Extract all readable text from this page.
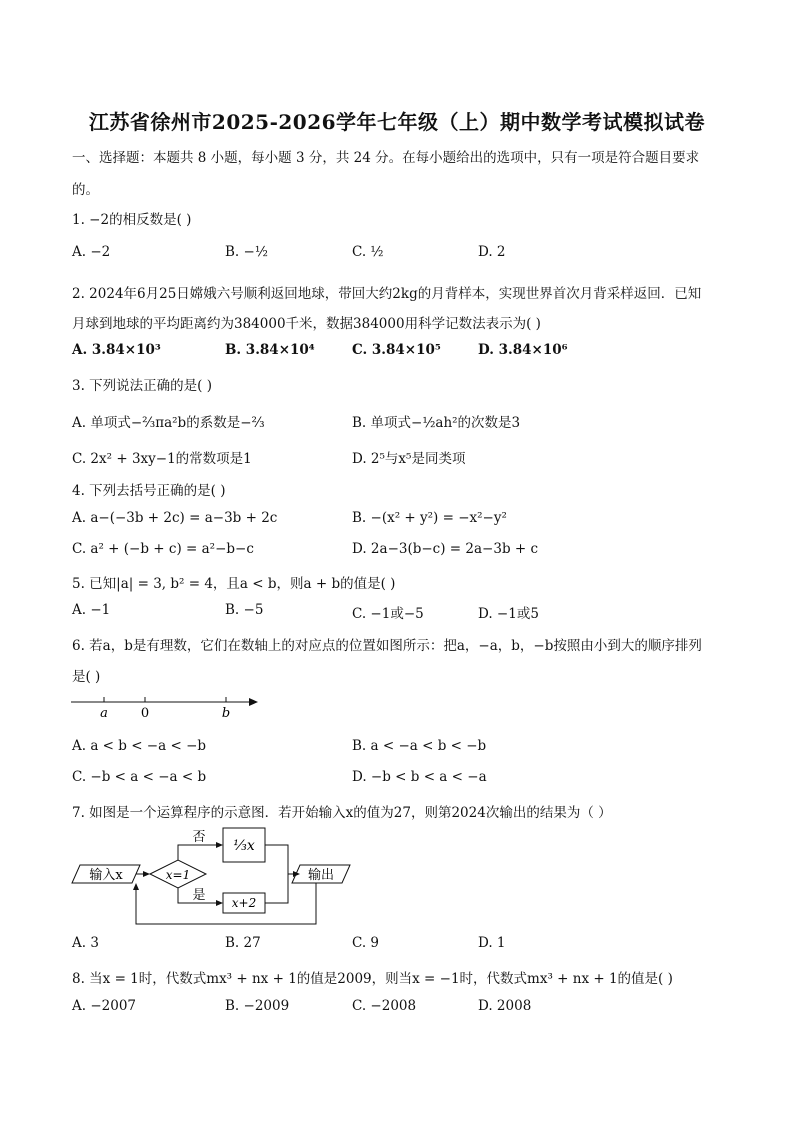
江苏省徐州市2025-2026学年七年级（上）期中数学考试模拟试卷
一、选择题：本题共 8 小题，每小题 3 分，共 24 分。在每小题给出的选项中，只有一项是符合题目要求
的。
1. −2的相反数是( )
A. −2	B. −½	C. ½	D. 2
2. 2024年6月25日嫦娥六号顺利返回地球，带回大约2kg的月背样本，实现世界首次月背采样返回．已知
月球到地球的平均距离约为384000千米，数据384000用科学记数法表示为( )
A. 3.84×10³	B. 3.84×10⁴	C. 3.84×10⁵	D. 3.84×10⁶
3. 下列说法正确的是( )
A. 单项式−⅔πa²b的系数是−⅔	B. 单项式−½ah²的次数是3
C. 2x² + 3xy−1的常数项是1	D. 2⁵与x⁵是同类项
4. 下列去括号正确的是( )
A. a−(−3b + 2c) = a−3b + 2c	B. −(x² + y²) = −x²−y²
C. a² + (−b + c) = a²−b−c	D. 2a−3(b−c) = 2a−3b + c
5. 已知|a| = 3, b² = 4，且a < b，则a + b的值是( )
A. −1	B. −5	C. −1或−5	D. −1或5
6. 若a，b是有理数，它们在数轴上的对应点的位置如图所示：把a，−a，b，−b按照由小到大的顺序排列
是( )
a	0	b
A. a < b < −a < −b	B. a < −a < b < −b
C. −b < a < −a < b	D. −b < b < a < −a
7. 如图是一个运算程序的示意图．若开始输入x的值为27，则第2024次输出的结果为（ ）
输入x	x=1
否
⅓x
是 x+2
输出
A. 3	B. 27	C. 9	D. 1
8. 当x = 1时，代数式mx³ + nx + 1的值是2009，则当x = −1时，代数式mx³ + nx + 1的值是( )
A. −2007	B. −2009	C. −2008	D. 2008
